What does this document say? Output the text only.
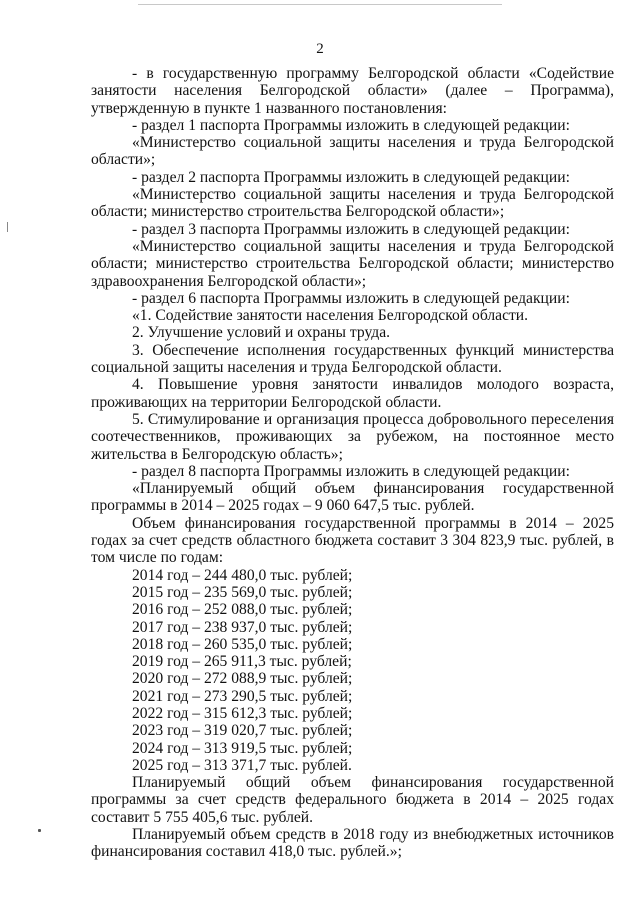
2

- в государственную программу Белгородской области «Содействие занятости населения Белгородской области» (далее – Программа), утвержденную в пункте 1 названного постановления:

- раздел 1 паспорта Программы изложить в следующей редакции:

«Министерство социальной защиты населения и труда Белгородской области»;

- раздел 2 паспорта Программы изложить в следующей редакции:

«Министерство социальной защиты населения и труда Белгородской области; министерство строительства Белгородской области»;

- раздел 3 паспорта Программы изложить в следующей редакции:

«Министерство социальной защиты населения и труда Белгородской области; министерство строительства Белгородской области; министерство здравоохранения Белгородской области»;

- раздел 6 паспорта Программы изложить в следующей редакции:

«1. Содействие занятости населения Белгородской области.

2. Улучшение условий и охраны труда.

3. Обеспечение исполнения государственных функций министерства социальной защиты населения и труда Белгородской области.

4. Повышение уровня занятости инвалидов молодого возраста, проживающих на территории Белгородской области.

5. Стимулирование и организация процесса добровольного переселения соотечественников, проживающих за рубежом, на постоянное место жительства в Белгородскую область»;

- раздел 8 паспорта Программы изложить в следующей редакции:

«Планируемый общий объем финансирования государственной программы в 2014 – 2025 годах – 9 060 647,5 тыс. рублей.

Объем финансирования государственной программы в 2014 – 2025 годах за счет средств областного бюджета составит 3 304 823,9 тыс. рублей, в том числе по годам:

2014 год – 244 480,0 тыс. рублей;

2015 год – 235 569,0 тыс. рублей;

2016 год – 252 088,0 тыс. рублей;

2017 год – 238 937,0 тыс. рублей;

2018 год – 260 535,0 тыс. рублей;

2019 год – 265 911,3 тыс. рублей;

2020 год – 272 088,9 тыс. рублей;

2021 год – 273 290,5 тыс. рублей;

2022 год – 315 612,3 тыс. рублей;

2023 год – 319 020,7 тыс. рублей;

2024 год – 313 919,5 тыс. рублей;

2025 год – 313 371,7 тыс. рублей.

Планируемый общий объем финансирования государственной программы за счет средств федерального бюджета в 2014 – 2025 годах составит 5 755 405,6 тыс. рублей.

Планируемый объем средств в 2018 году из внебюджетных источников финансирования составил 418,0 тыс. рублей.»;
